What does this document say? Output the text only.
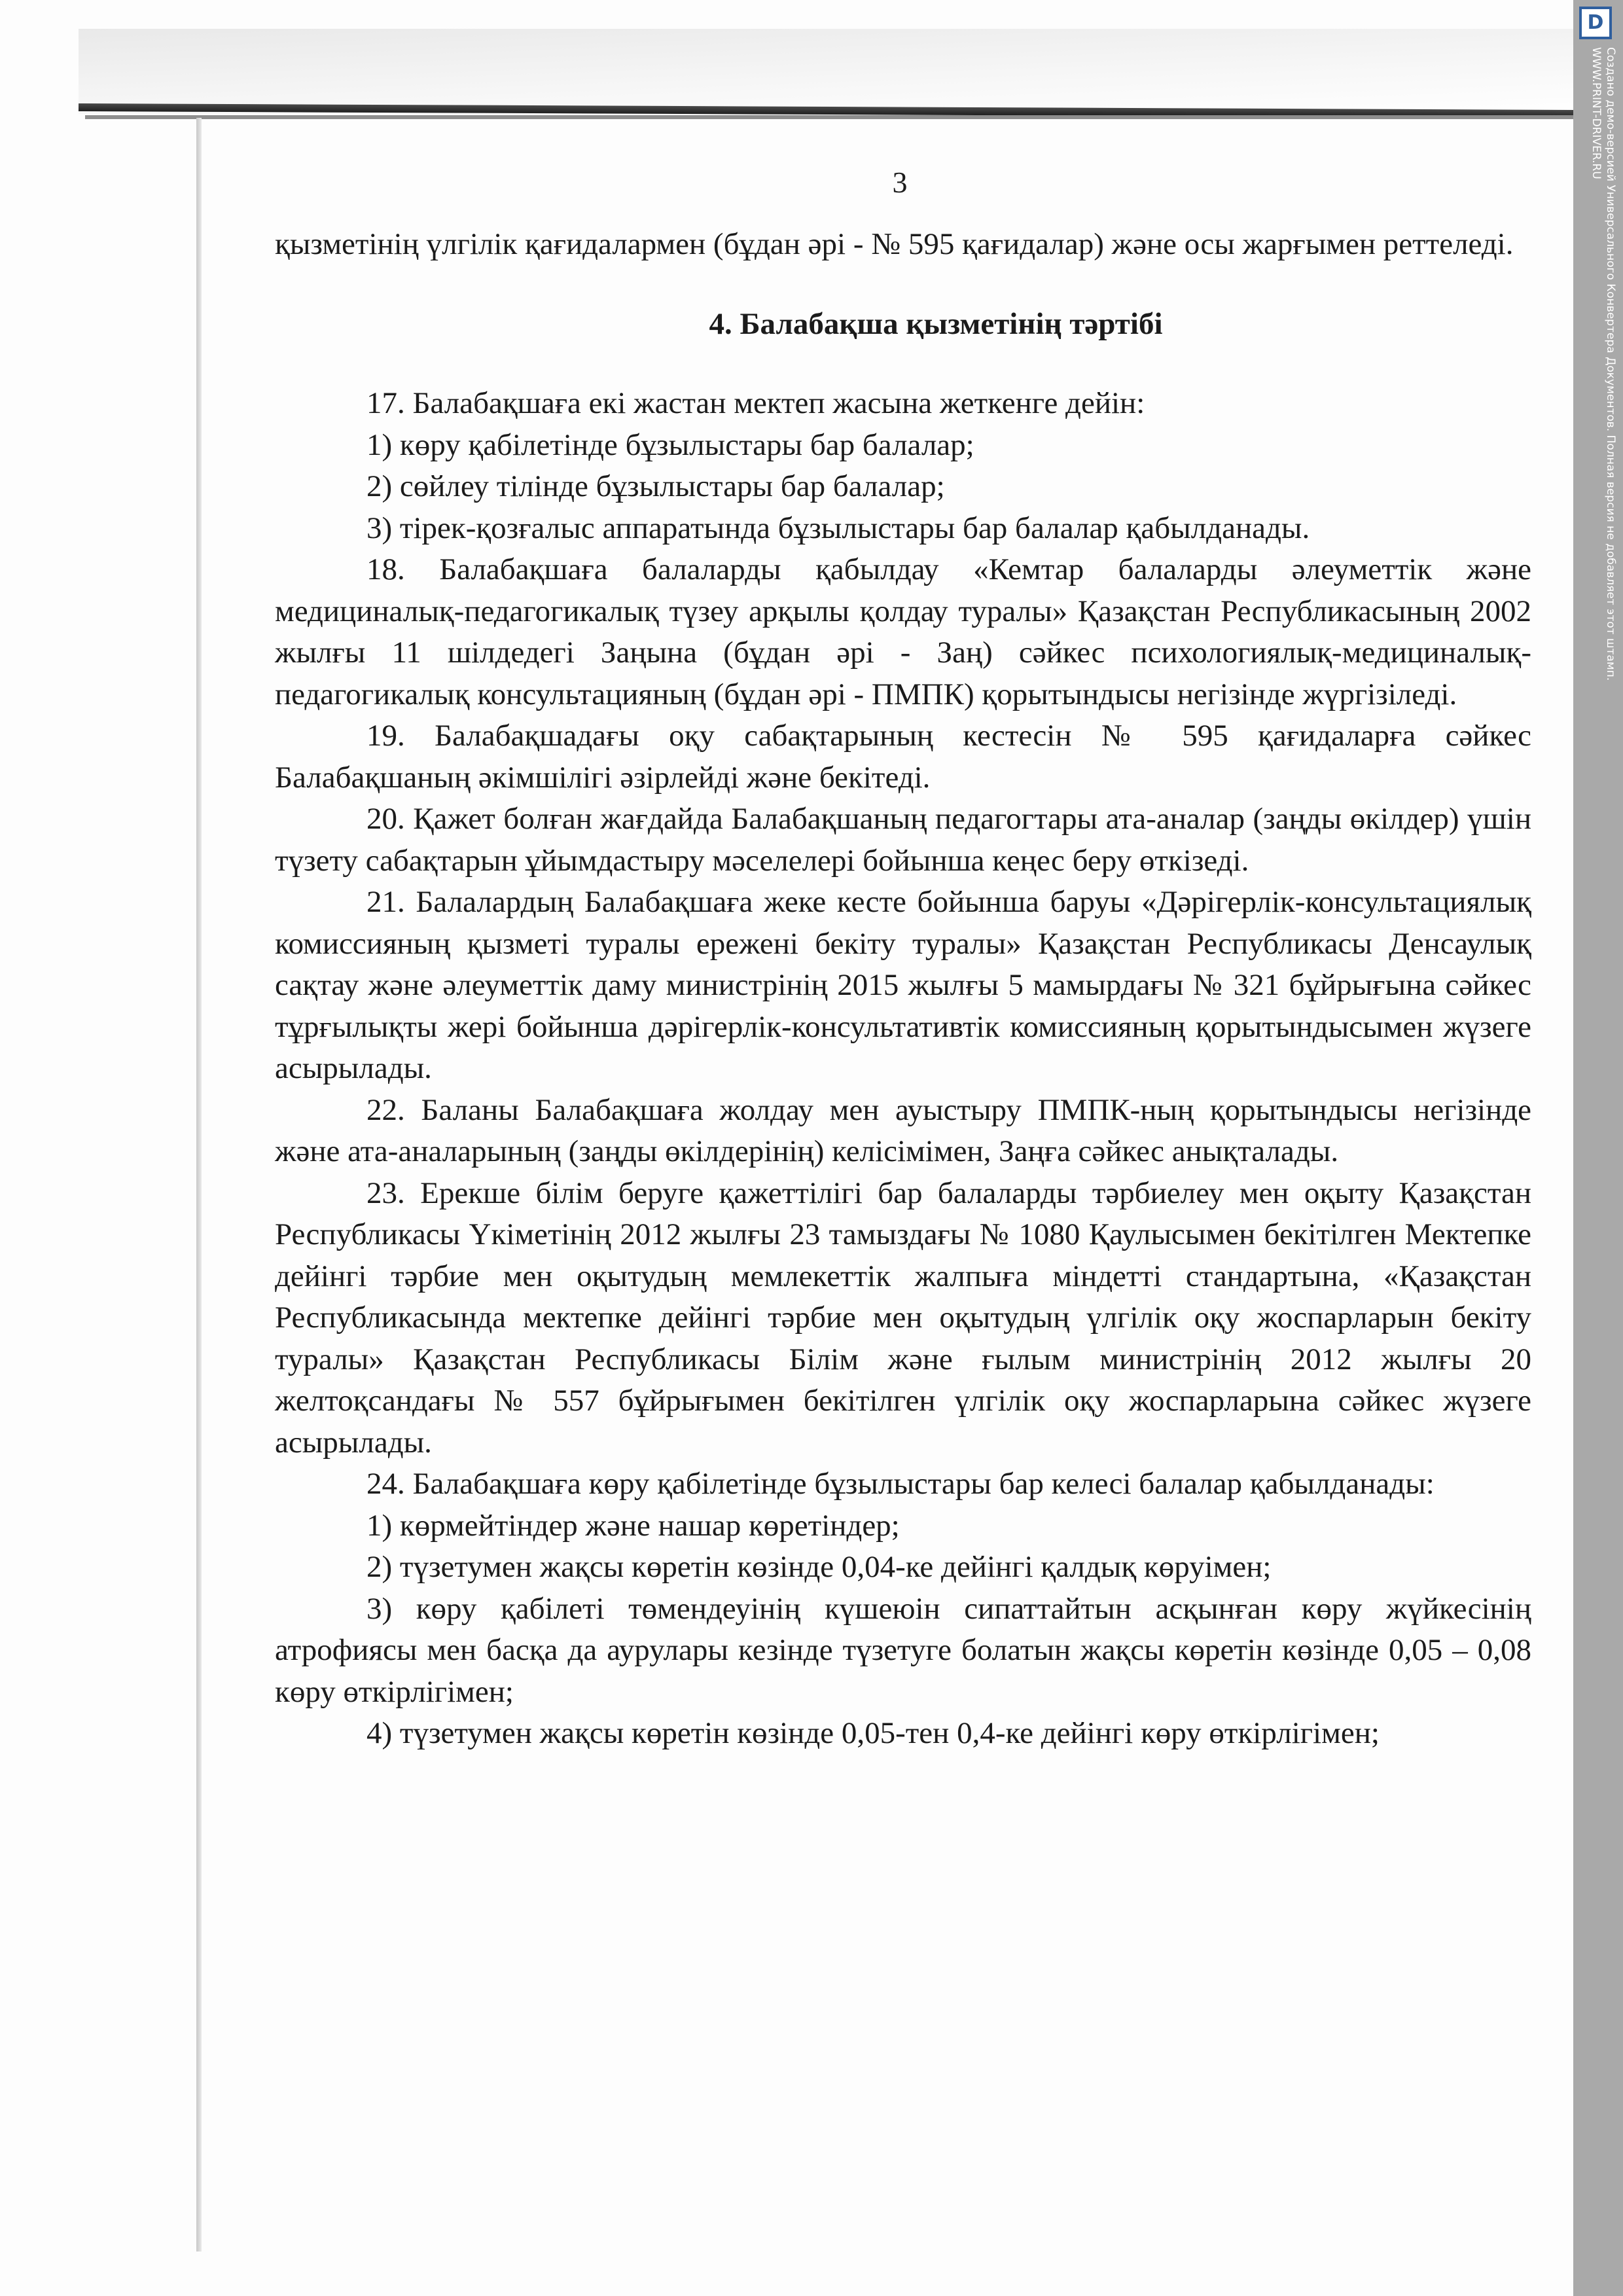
3

қызметінің үлгілік қағидалармен (бұдан әрі - № 595 қағидалар) және осы жарғымен реттеледі.

4. Балабақша қызметінің тәртібі

17. Балабақшаға екі жастан мектеп жасына жеткенге дейін:

1) көру қабілетінде бұзылыстары бар балалар;

2) сөйлеу тілінде бұзылыстары бар балалар;

3) тірек-қозғалыс аппаратында бұзылыстары бар балалар қабылданады.

18. Балабақшаға балаларды қабылдау «Кемтар балаларды әлеуметтік және медициналық-педагогикалық түзеу арқылы қолдау туралы» Қазақстан Республикасының 2002 жылғы 11 шілдедегі Заңына (бұдан әрі - Заң) сәйкес психологиялық-медициналық-педагогикалық консультацияның (бұдан әрі - ПМПК) қорытындысы негізінде жүргізіледі.

19. Балабақшадағы оқу сабақтарының кестесін № 595 қағидаларға сәйкес Балабақшаның әкімшілігі әзірлейді және бекітеді.

20. Қажет болған жағдайда Балабақшаның педагогтары ата-аналар (заңды өкілдер) үшін түзету сабақтарын ұйымдастыру мәселелері бойынша кеңес беру өткізеді.

21. Балалардың Балабақшаға жеке кесте бойынша баруы «Дәрігерлік-консультациялық комиссияның қызметі туралы ережені бекіту туралы» Қазақстан Республикасы Денсаулық сақтау және әлеуметтік даму министрінің 2015 жылғы 5 мамырдағы № 321 бұйрығына сәйкес тұрғылықты жері бойынша дәрігерлік-консультативтік комиссияның қорытындысымен жүзеге асырылады.

22. Баланы Балабақшаға жолдау мен ауыстыру ПМПК-ның қорытындысы негізінде және ата-аналарының (заңды өкілдерінің) келісімімен, Заңға сәйкес анықталады.

23. Ерекше білім беруге қажеттілігі бар балаларды тәрбиелеу мен оқыту Қазақстан Республикасы Үкіметінің 2012 жылғы 23 тамыздағы № 1080 Қаулысымен бекітілген Мектепке дейінгі тәрбие мен оқытудың мемлекеттік жалпыға міндетті стандартына, «Қазақстан Республикасында мектепке дейінгі тәрбие мен оқытудың үлгілік оқу жоспарларын бекіту туралы» Қазақстан Республикасы Білім және ғылым министрінің 2012 жылғы 20 желтоқсандағы № 557 бұйрығымен бекітілген үлгілік оқу жоспарларына сәйкес жүзеге асырылады.

24. Балабақшаға көру қабілетінде бұзылыстары бар келесі балалар қабылданады:

1) көрмейтіндер және нашар көретіндер;

2) түзетумен жақсы көретін көзінде 0,04-ке дейінгі қалдық көруімен;

3) көру қабілеті төмендеуінің күшеюін сипаттайтын асқынған көру жүйкесінің атрофиясы мен басқа да аурулары кезінде түзетуге болатын жақсы көретін көзінде 0,05 – 0,08 көру өткірлігімен;

4) түзетумен жақсы көретін көзінде 0,05-тен 0,4-ке дейінгі көру өткірлігімен;

D
Создано демо-версией Универсального Конвертера Документов. Полная версия не добавляет этот штамп.
WWW.PRINT-DRIVER.RU
